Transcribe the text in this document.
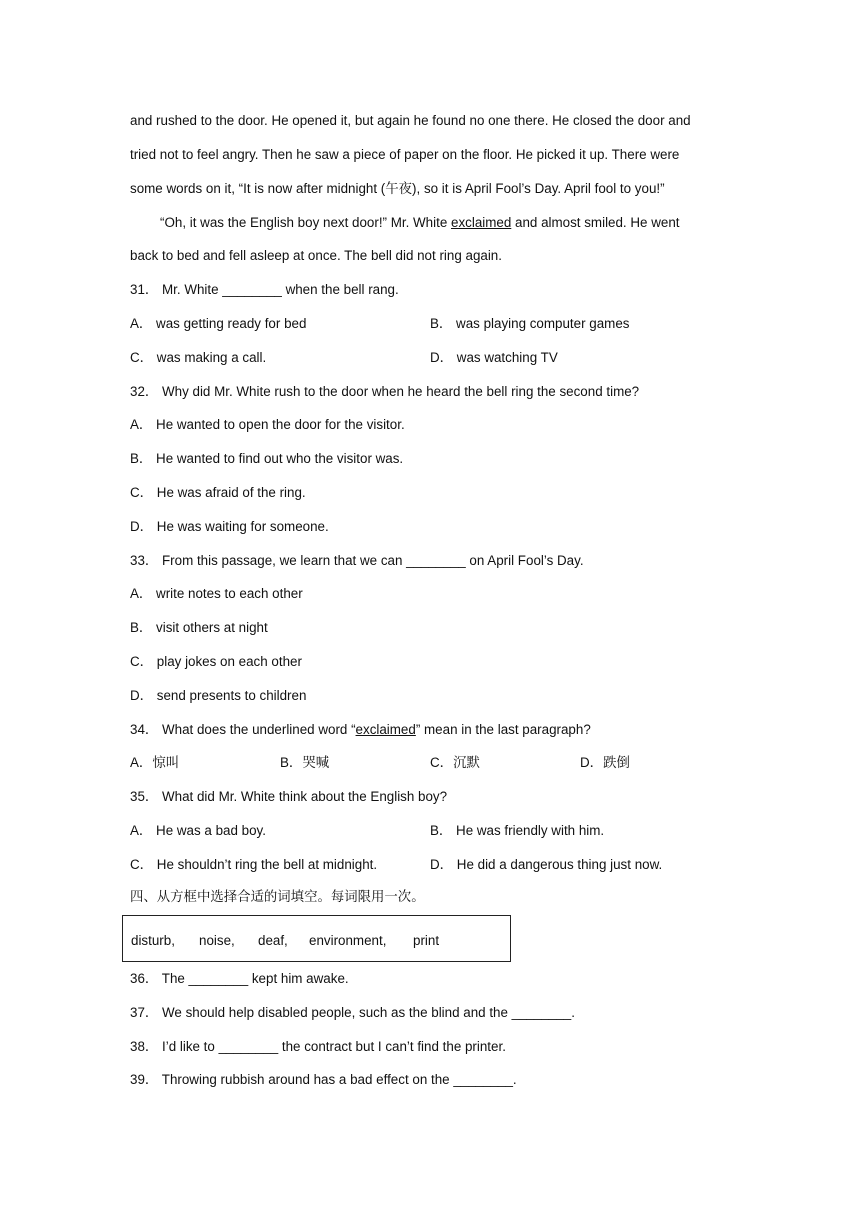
and rushed to the door. He opened it, but again he found no one there. He closed the door and
tried not to feel angry. Then he saw a piece of paper on the floor. He picked it up. There were
some words on it, “It is now after midnight (午夜), so it is April Fool’s Day. April fool to you!”
“Oh, it was the English boy next door!” Mr. White exclaimed and almost smiled. He went
back to bed and fell asleep at once. The bell did not ring again.
31． Mr. White ________ when the bell rang.
A． was getting ready for bed	B． was playing computer games
C． was making a call.	D． was watching TV
32． Why did Mr. White rush to the door when he heard the bell ring the second time?
A． He wanted to open the door for the visitor.
B． He wanted to find out who the visitor was.
C． He was afraid of the ring.
D． He was waiting for someone.
33． From this passage, we learn that we can ________ on April Fool’s Day.
A． write notes to each other
B． visit others at night
C． play jokes on each other
D． send presents to children
34． What does the underlined word “exclaimed” mean in the last paragraph?
A．惊叫	B．哭喊	C．沉默	D．跌倒
35． What did Mr. White think about the English boy?
A． He was a bad boy.	B． He was friendly with him.
C． He shouldn’t ring the bell at midnight.	D． He did a dangerous thing just now.
四、从方框中选择合适的词填空。每词限用一次。
disturb, noise, deaf, environment, print
36． The ________ kept him awake.
37． We should help disabled people, such as the blind and the ________.
38． I’d like to ________ the contract but I can’t find the printer.
39． Throwing rubbish around has a bad effect on the ________.
